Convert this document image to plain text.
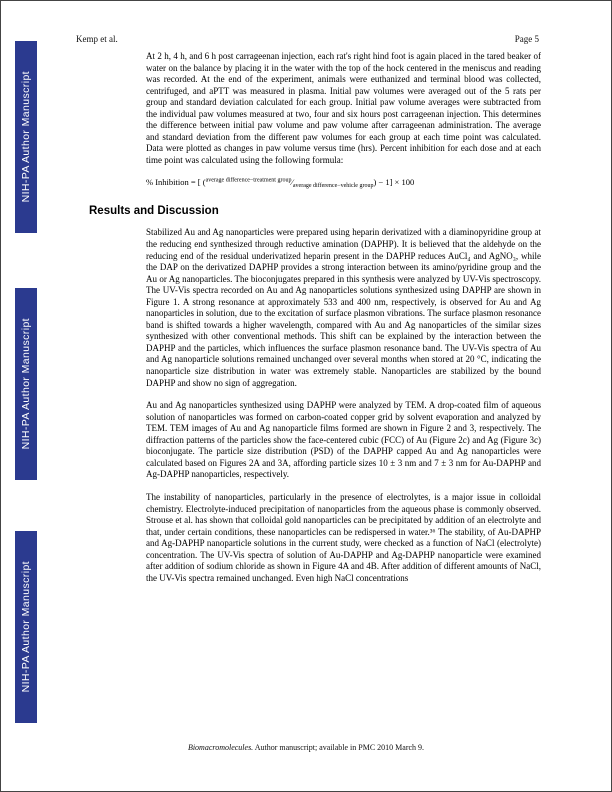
NIH-PA Author Manuscript
NIH-PA Author Manuscript
NIH-PA Author Manuscript
Kemp et al.	Page 5

At 2 h, 4 h, and 6 h post carrageenan injection, each rat's right hind foot is again placed in the tared beaker of water on the balance by placing it in the water with the top of the hock centered in the meniscus and reading was recorded. At the end of the experiment, animals were euthanized and terminal blood was collected, centrifuged, and aPTT was measured in plasma. Initial paw volumes were averaged out of the 5 rats per group and standard deviation calculated for each group. Initial paw volume averages were subtracted from the individual paw volumes measured at two, four and six hours post carrageenan injection. This determines the difference between initial paw volume and paw volume after carrageenan administration. The average and standard deviation from the different paw volumes for each group at each time point was calculated. Data were plotted as changes in paw volume versus time (hrs). Percent inhibition for each dose and at each time point was calculated using the following formula:

% Inhibition = [ $(^{average difference-treatment group}⁄_{average difference-vehicle group}) - 1] \times 100$
Results and Discussion

Stabilized Au and Ag nanoparticles were prepared using heparin derivatized with a diaminopyridine group at the reducing end synthesized through reductive amination (DAPHP). It is believed that the aldehyde on the reducing end of the residual underivatized heparin present in the DAPHP reduces AuCl₄ and AgNO₃, while the DAP on the derivatized DAPHP provides a strong interaction between its amino/pyridine group and the Au or Ag nanoparticles. The bioconjugates prepared in this synthesis were analyzed by UV-Vis spectroscopy. The UV-Vis spectra recorded on Au and Ag nanoparticles solutions synthesized using DAPHP are shown in Figure 1. A strong resonance at approximately 533 and 400 nm, respectively, is observed for Au and Ag nanoparticles in solution, due to the excitation of surface plasmon vibrations. The surface plasmon resonance band is shifted towards a higher wavelength, compared with Au and Ag nanoparticles of the similar sizes synthesized with other conventional methods. This shift can be explained by the interaction between the DAPHP and the particles, which influences the surface plasmon resonance band. The UV-Vis spectra of Au and Ag nanoparticle solutions remained unchanged over several months when stored at 20 °C, indicating the nanoparticle size distribution in water was extremely stable. Nanoparticles are stabilized by the bound DAPHP and show no sign of aggregation.

Au and Ag nanoparticles synthesized using DAPHP were analyzed by TEM. A drop-coated film of aqueous solution of nanoparticles was formed on carbon-coated copper grid by solvent evaporation and analyzed by TEM. TEM images of Au and Ag nanoparticle films formed are shown in Figure 2 and 3, respectively. The diffraction patterns of the particles show the face-centered cubic (FCC) of Au (Figure 2c) and Ag (Figure 3c) bioconjugate. The particle size distribution (PSD) of the DAPHP capped Au and Ag nanoparticles were calculated based on Figures 2A and 3A, affording particle sizes 10 ± 3 nm and 7 ± 3 nm for Au-DAPHP and Ag-DAPHP nanoparticles, respectively.

The instability of nanoparticles, particularly in the presence of electrolytes, is a major issue in colloidal chemistry. Electrolyte-induced precipitation of nanoparticles from the aqueous phase is commonly observed. Strouse et al. has shown that colloidal gold nanoparticles can be precipitated by addition of an electrolyte and that, under certain conditions, these nanoparticles can be redispersed in water.³⁶ The stability, of Au-DAPHP and Ag-DAPHP nanoparticle solutions in the current study, were checked as a function of NaCl (electrolyte) concentration. The UV-Vis spectra of solution of Au-DAPHP and Ag-DAPHP nanoparticle were examined after addition of sodium chloride as shown in Figure 4A and 4B. After addition of different amounts of NaCl, the UV-Vis spectra remained unchanged. Even high NaCl concentrations

Biomacromolecules. Author manuscript; available in PMC 2010 March 9.
